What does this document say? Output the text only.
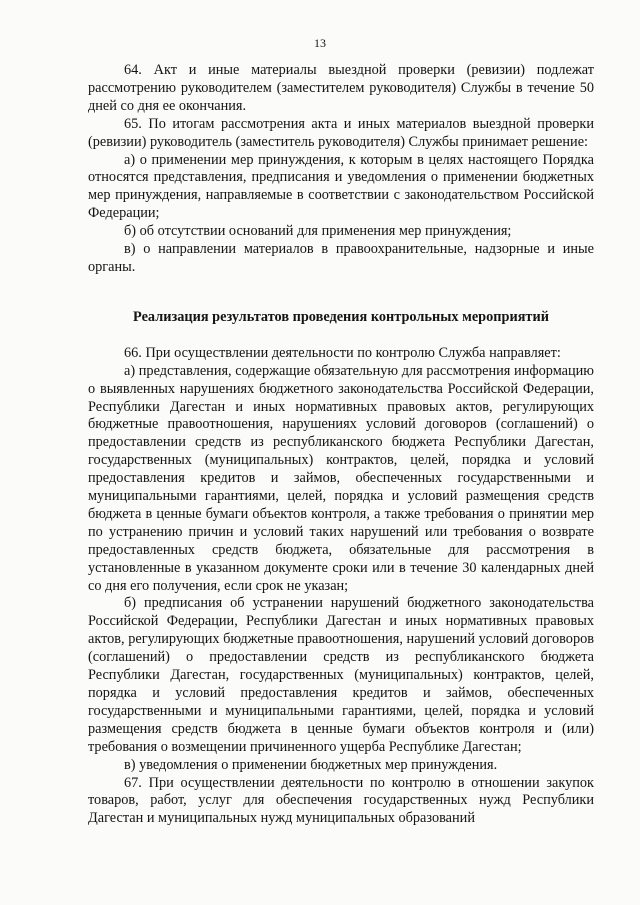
13

64. Акт и иные материалы выездной проверки (ревизии) подлежат рассмотрению руководителем (заместителем руководителя) Службы в течение 50 дней со дня ее окончания.

65. По итогам рассмотрения акта и иных материалов выездной проверки (ревизии) руководитель (заместитель руководителя) Службы принимает решение:

а) о применении мер принуждения, к которым в целях настоящего Порядка относятся представления, предписания и уведомления о применении бюджетных мер принуждения, направляемые в соответствии с законодательством Российской Федерации;

б) об отсутствии оснований для применения мер принуждения;

в) о направлении материалов в правоохранительные, надзорные и иные органы.

Реализация результатов проведения контрольных мероприятий

66. При осуществлении деятельности по контролю Служба направляет:

а) представления, содержащие обязательную для рассмотрения информацию о выявленных нарушениях бюджетного законодательства Российской Федерации, Республики Дагестан и иных нормативных правовых актов, регулирующих бюджетные правоотношения, нарушениях условий договоров (соглашений) о предоставлении средств из республиканского бюджета Республики Дагестан, государственных (муниципальных) контрактов, целей, порядка и условий предоставления кредитов и займов, обеспеченных государственными и муниципальными гарантиями, целей, порядка и условий размещения средств бюджета в ценные бумаги объектов контроля, а также требования о принятии мер по устранению причин и условий таких нарушений или требования о возврате предоставленных средств бюджета, обязательные для рассмотрения в установленные в указанном документе сроки или в течение 30 календарных дней со дня его получения, если срок не указан;

б) предписания об устранении нарушений бюджетного законодательства Российской Федерации, Республики Дагестан и иных нормативных правовых актов, регулирующих бюджетные правоотношения, нарушений условий договоров (соглашений) о предоставлении средств из республиканского бюджета Республики Дагестан, государственных (муниципальных) контрактов, целей, порядка и условий предоставления кредитов и займов, обеспеченных государственными и муниципальными гарантиями, целей, порядка и условий размещения средств бюджета в ценные бумаги объектов контроля и (или) требования о возмещении причиненного ущерба Республике Дагестан;

в) уведомления о применении бюджетных мер принуждения.

67. При осуществлении деятельности по контролю в отношении закупок товаров, работ, услуг для обеспечения государственных нужд Республики Дагестан и муниципальных нужд муниципальных образований
